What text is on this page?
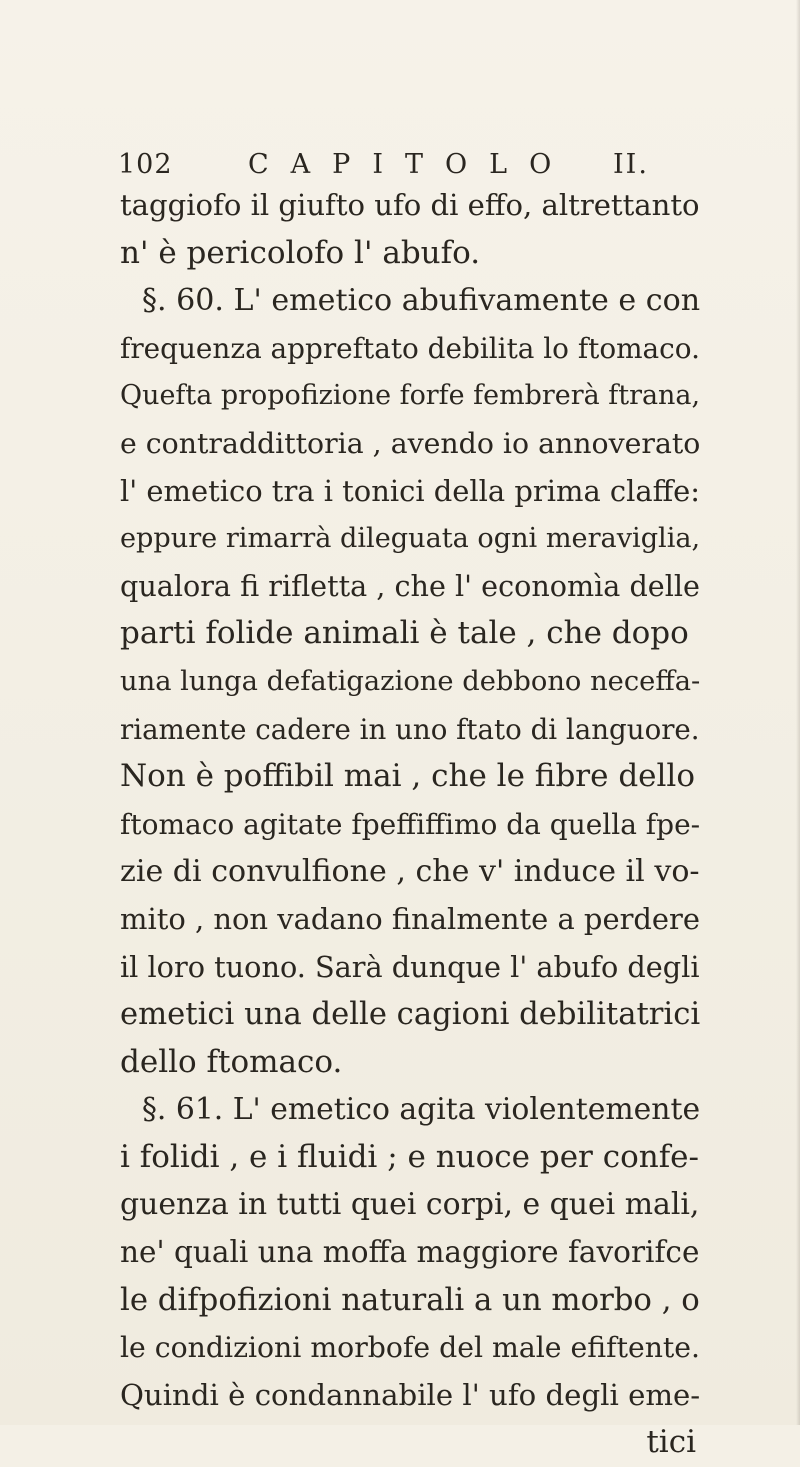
102	CAPITOLO II.
taggiofo il giufto ufo di effo, altrettanto
n' è pericolofo l' abufo.
§. 60. L' emetico abufivamente e con
frequenza appreftato debilita lo ftomaco.
Quefta propofizione forfe fembrerà ftrana,
e contraddittoria , avendo io annoverato
l' emetico tra i tonici della prima claffe:
eppure rimarrà dileguata ogni meraviglia,
qualora fi rifletta , che l' economìa delle
parti folide animali è tale , che dopo
una lunga defatigazione debbono neceffa-
riamente cadere in uno ftato di languore.
Non è poffibil mai , che le fibre dello
ftomaco agitate fpeffiffimo da quella fpe-
zie di convulfione , che v' induce il vo-
mito , non vadano finalmente a perdere
il loro tuono. Sarà dunque l' abufo degli
emetici una delle cagioni debilitatrici
dello ftomaco.
§. 61. L' emetico agita violentemente
i folidi , e i fluidi ; e nuoce per confe-
guenza in tutti quei corpi, e quei mali,
ne' quali una moffa maggiore favorifce
le difpofizioni naturali a un morbo , o
le condizioni morbofe del male efiftente.
Quindi è condannabile l' ufo degli eme-
tici
